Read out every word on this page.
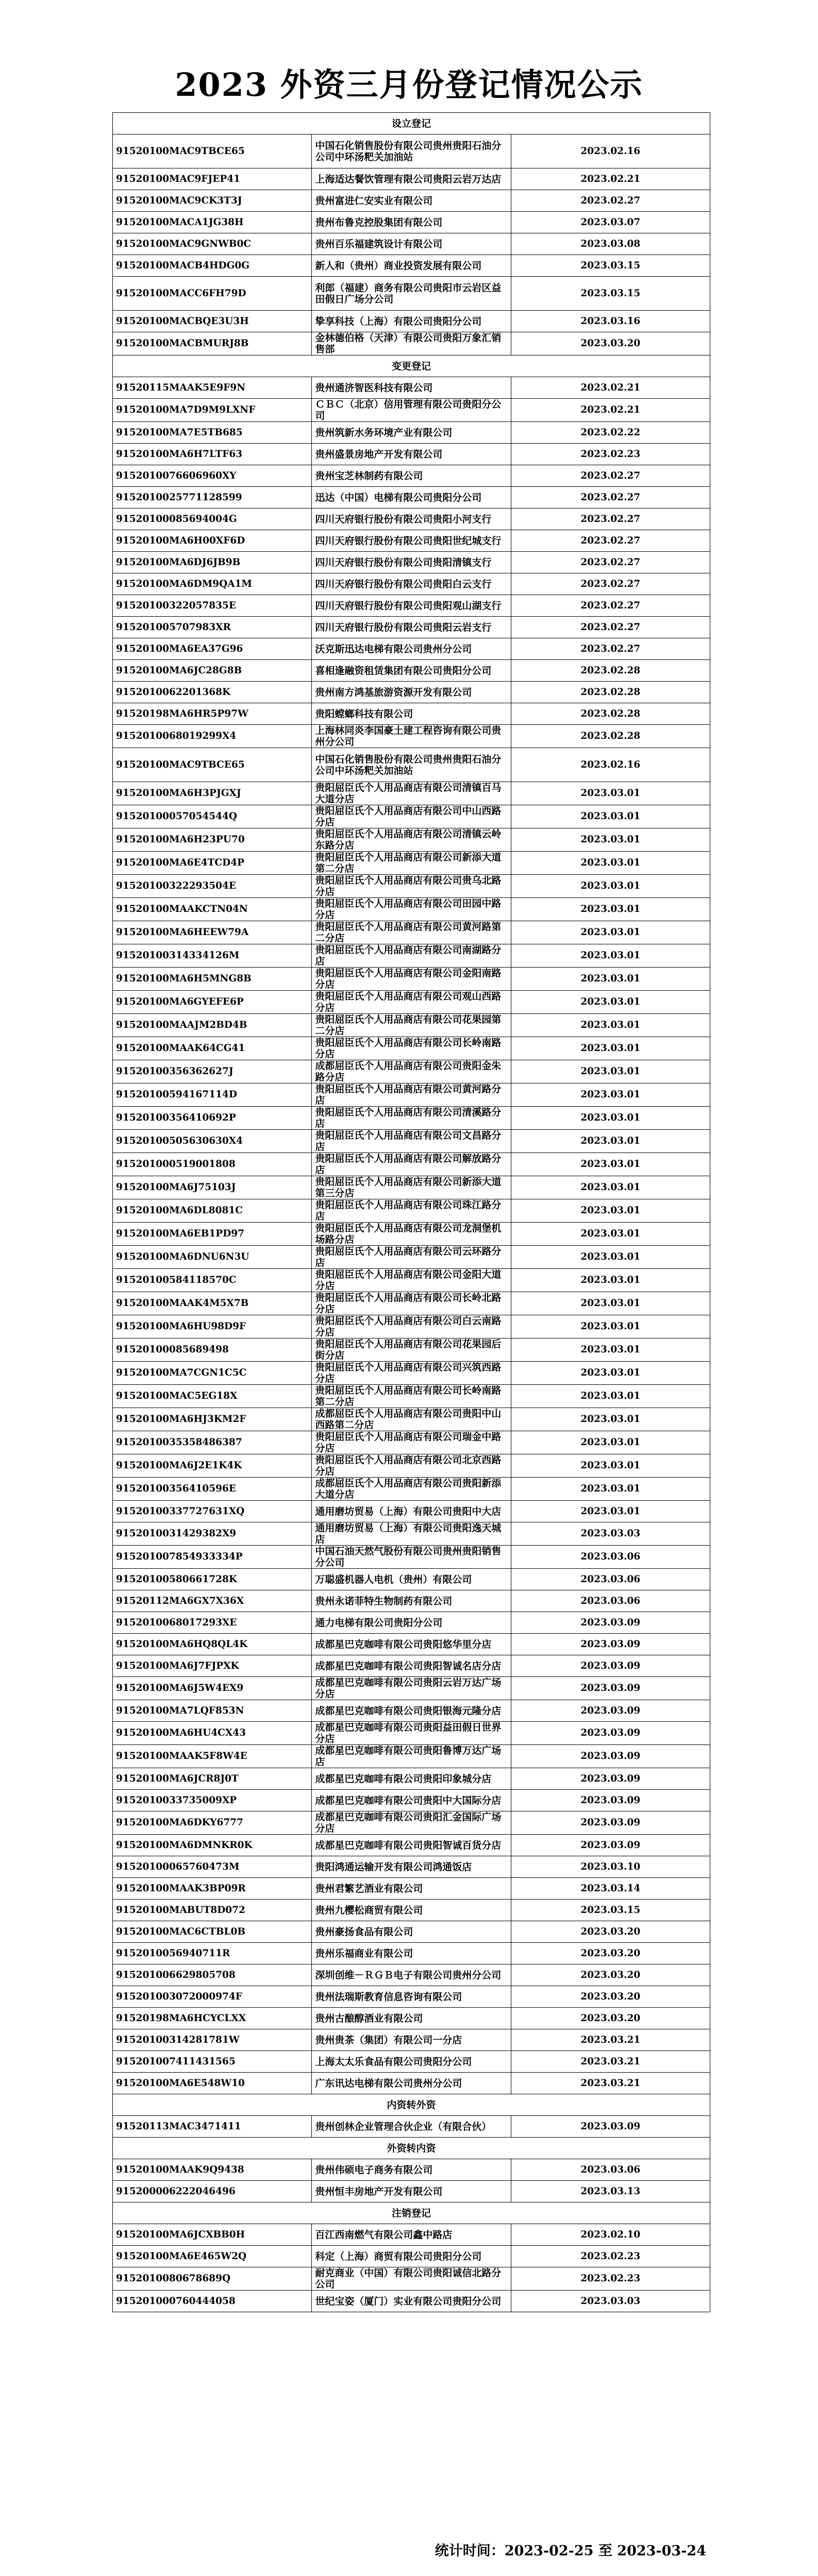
2023 外资三月份登记情况公示
设立登记		
91520100MAC9TBCE65	中国石化销售股份有限公司贵州贵阳石油分公司中环汤粑关加油站	2023.02.16
91520100MAC9FJEP41	上海适达餐饮管理有限公司贵阳云岩万达店	2023.02.21
91520100MAC9CK3T3J	贵州富进仁安实业有限公司	2023.02.27
91520100MACA1JG38H	贵州布鲁克控股集团有限公司	2023.03.07
91520100MAC9GNWB0C	贵州百乐福建筑设计有限公司	2023.03.08
91520100MACB4HDG0G	新人和（贵州）商业投资发展有限公司	2023.03.15
91520100MACC6FH79D	利郎（福建）商务有限公司贵阳市云岩区益田假日广场分公司	2023.03.15
91520100MACBQE3U3H	挚享科技（上海）有限公司贵阳分公司	2023.03.16
91520100MACBMURJ8B	金林德伯格（天津）有限公司贵阳万象汇销售部	2023.03.20
变更登记		
91520115MAAK5E9F9N	贵州通济智医科技有限公司	2023.02.21
91520100MA7D9M9LXNF	ＣＢＣ（北京）信用管理有限公司贵阳分公司	2023.02.21
91520100MA7E5TB685	贵州筑新水务环境产业有限公司	2023.02.22
91520100MA6H7LTF63	贵州盛景房地产开发有限公司	2023.02.23
9152010076606960XY	贵州宝芝林制药有限公司	2023.02.27
9152010025771128599	迅达（中国）电梯有限公司贵阳分公司	2023.02.27
91520100085694004G	四川天府银行股份有限公司贵阳小河支行	2023.02.27
91520100MA6H00XF6D	四川天府银行股份有限公司贵阳世纪城支行	2023.02.27
91520100MA6DJ6JB9B	四川天府银行股份有限公司贵阳清镇支行	2023.02.27
91520100MA6DM9QA1M	四川天府银行股份有限公司贵阳白云支行	2023.02.27
91520100322057835E	四川天府银行股份有限公司贵阳观山湖支行	2023.02.27
915201005707983XR	四川天府银行股份有限公司贵阳云岩支行	2023.02.27
91520100MA6EA37G96	沃克斯迅达电梯有限公司贵州分公司	2023.02.27
91520100MA6JC28G8B	喜相逢融资租赁集团有限公司贵阳分公司	2023.02.28
9152010062201368K	贵州南方鸿基旅游资源开发有限公司	2023.02.28
91520198MA6HR5P97W	贵阳螳螂科技有限公司	2023.02.28
9152010068019299X4	上海林同炎李国豪土建工程咨询有限公司贵州分公司	2023.02.28
91520100MAC9TBCE65	中国石化销售股份有限公司贵州贵阳石油分公司中环汤粑关加油站	2023.02.16
91520100MA6H3PJGXJ	贵阳屈臣氏个人用品商店有限公司清镇百马大道分店	2023.03.01
91520100057054544Q	贵阳屈臣氏个人用品商店有限公司中山西路分店	2023.03.01
91520100MA6H23PU70	贵阳屈臣氏个人用品商店有限公司清镇云岭东路分店	2023.03.01
91520100MA6E4TCD4P	贵阳屈臣氏个人用品商店有限公司新添大道第二分店	2023.03.01
91520100322293504E	贵阳屈臣氏个人用品商店有限公司贵乌北路分店	2023.03.01
91520100MAAKCTN04N	贵阳屈臣氏个人用品商店有限公司田园中路分店	2023.03.01
91520100MA6HEEW79A	贵阳屈臣氏个人用品商店有限公司黄河路第二分店	2023.03.01
91520100314334126M	贵阳屈臣氏个人用品商店有限公司南湖路分店	2023.03.01
91520100MA6H5MNG8B	贵阳屈臣氏个人用品商店有限公司金阳南路分店	2023.03.01
91520100MA6GYEFE6P	贵阳屈臣氏个人用品商店有限公司观山西路分店	2023.03.01
91520100MAAJM2BD4B	贵阳屈臣氏个人用品商店有限公司花果园第二分店	2023.03.01
91520100MAAK64CG41	贵阳屈臣氏个人用品商店有限公司长岭南路分店	2023.03.01
91520100356362627J	成都屈臣氏个人用品商店有限公司贵阳金朱路分店	2023.03.01
91520100594167114D	贵阳屈臣氏个人用品商店有限公司黄河路分店	2023.03.01
91520100356410692P	贵阳屈臣氏个人用品商店有限公司清溪路分店	2023.03.01
91520100505630630X4	贵阳屈臣氏个人用品商店有限公司文昌路分店	2023.03.01
915201000519001808	贵阳屈臣氏个人用品商店有限公司解放路分店	2023.03.01
91520100MA6J75103J	贵阳屈臣氏个人用品商店有限公司新添大道第三分店	2023.03.01
91520100MA6DL8081C	贵阳屈臣氏个人用品商店有限公司珠江路分店	2023.03.01
91520100MA6EB1PD97	贵阳屈臣氏个人用品商店有限公司龙洞堡机场路分店	2023.03.01
91520100MA6DNU6N3U	贵阳屈臣氏个人用品商店有限公司云环路分店	2023.03.01
91520100584118570C	贵阳屈臣氏个人用品商店有限公司金阳大道分店	2023.03.01
91520100MAAK4M5X7B	贵阳屈臣氏个人用品商店有限公司长岭北路分店	2023.03.01
91520100MA6HU98D9F	贵阳屈臣氏个人用品商店有限公司白云南路分店	2023.03.01
91520100085689498	贵阳屈臣氏个人用品商店有限公司花果园后街分店	2023.03.01
91520100MA7CGN1C5C	贵阳屈臣氏个人用品商店有限公司兴筑西路分店	2023.03.01
91520100MAC5EG18X	贵阳屈臣氏个人用品商店有限公司长岭南路第二分店	2023.03.01
91520100MA6HJ3KM2F	成都屈臣氏个人用品商店有限公司贵阳中山西路第二分店	2023.03.01
9152010035358486387	贵阳屈臣氏个人用品商店有限公司瑞金中路分店	2023.03.01
91520100MA6J2E1K4K	贵阳屈臣氏个人用品商店有限公司北京西路分店	2023.03.01
91520100356410596E	成都屈臣氏个人用品商店有限公司贵阳新添大道分店	2023.03.01
91520100337727631XQ	通用磨坊贸易（上海）有限公司贵阳中大店	2023.03.01
9152010031429382X9	通用磨坊贸易（上海）有限公司贵阳逸天城店	2023.03.03
915201007854933334P	中国石油天然气股份有限公司贵州贵阳销售分公司	2023.03.06
91520100580661728K	万聪盛机器人电机（贵州）有限公司	2023.03.06
91520112MA6GX7X36X	贵州永诺菲特生物制药有限公司	2023.03.06
9152010068017293XE	通力电梯有限公司贵阳分公司	2023.03.09
91520100MA6HQ8QL4K	成都星巴克咖啡有限公司贵阳悠华里分店	2023.03.09
91520100MA6J7FJPXK	成都星巴克咖啡有限公司贵阳智诚名店分店	2023.03.09
91520100MA6J5W4EX9	成都星巴克咖啡有限公司贵阳云岩万达广场分店	2023.03.09
91520100MA7LQF853N	成都星巴克咖啡有限公司贵阳银海元隆分店	2023.03.09
91520100MA6HU4CX43	成都星巴克咖啡有限公司贵阳益田假日世界分店	2023.03.09
91520100MAAK5F8W4E	成都星巴克咖啡有限公司贵阳鲁博万达广场店	2023.03.09
91520100MA6JCR8J0T	成都星巴克咖啡有限公司贵阳印象城分店	2023.03.09
9152010033735009XP	成都星巴克咖啡有限公司贵阳中大国际分店	2023.03.09
91520100MA6DKY6777	成都星巴克咖啡有限公司贵阳汇金国际广场分店	2023.03.09
91520100MA6DMNKR0K	成都星巴克咖啡有限公司贵阳智诚百货分店	2023.03.09
91520100065760473M	贵阳鸿通运输开发有限公司鸿通饭店	2023.03.10
91520100MAAK3BP09R	贵州君繁艺酒业有限公司	2023.03.14
91520100MABUT8D072	贵州九樱松商贸有限公司	2023.03.15
91520100MAC6CTBL0B	贵州豪扬食品有限公司	2023.03.20
9152010056940711R	贵州乐福商业有限公司	2023.03.20
915201006629805708	深圳创维－ＲＧＢ电子有限公司贵州分公司	2023.03.20
915201003072000974F	贵州法瑞斯教育信息咨询有限公司	2023.03.20
91520198MA6HCYCLXX	贵州古酿醇酒业有限公司	2023.03.20
91520100314281781W	贵州贵茶（集团）有限公司一分店	2023.03.21
915201007411431565	上海太太乐食品有限公司贵阳分公司	2023.03.21
91520100MA6E548W10	广东讯达电梯有限公司贵州分公司	2023.03.21
内资转外资		
91520113MAC3471411	贵州创林企业管理合伙企业（有限合伙）	2023.03.09
外资转内资		
91520100MAAK9Q9438	贵州伟硕电子商务有限公司	2023.03.06
915200006222046496	贵州恒丰房地产开发有限公司	2023.03.13
注销登记		
91520100MA6JCXBB0H	百江西南燃气有限公司鑫中路店	2023.02.10
91520100MA6E465W2Q	科定（上海）商贸有限公司贵阳分公司	2023.02.23
9152010080678689Q	耐克商业（中国）有限公司贵阳诚信北路分公司	2023.02.23
915201000760444058	世纪宝姿（厦门）实业有限公司贵阳分公司	2023.03.03
统计时间：2023-02-25 至 2023-03-24
